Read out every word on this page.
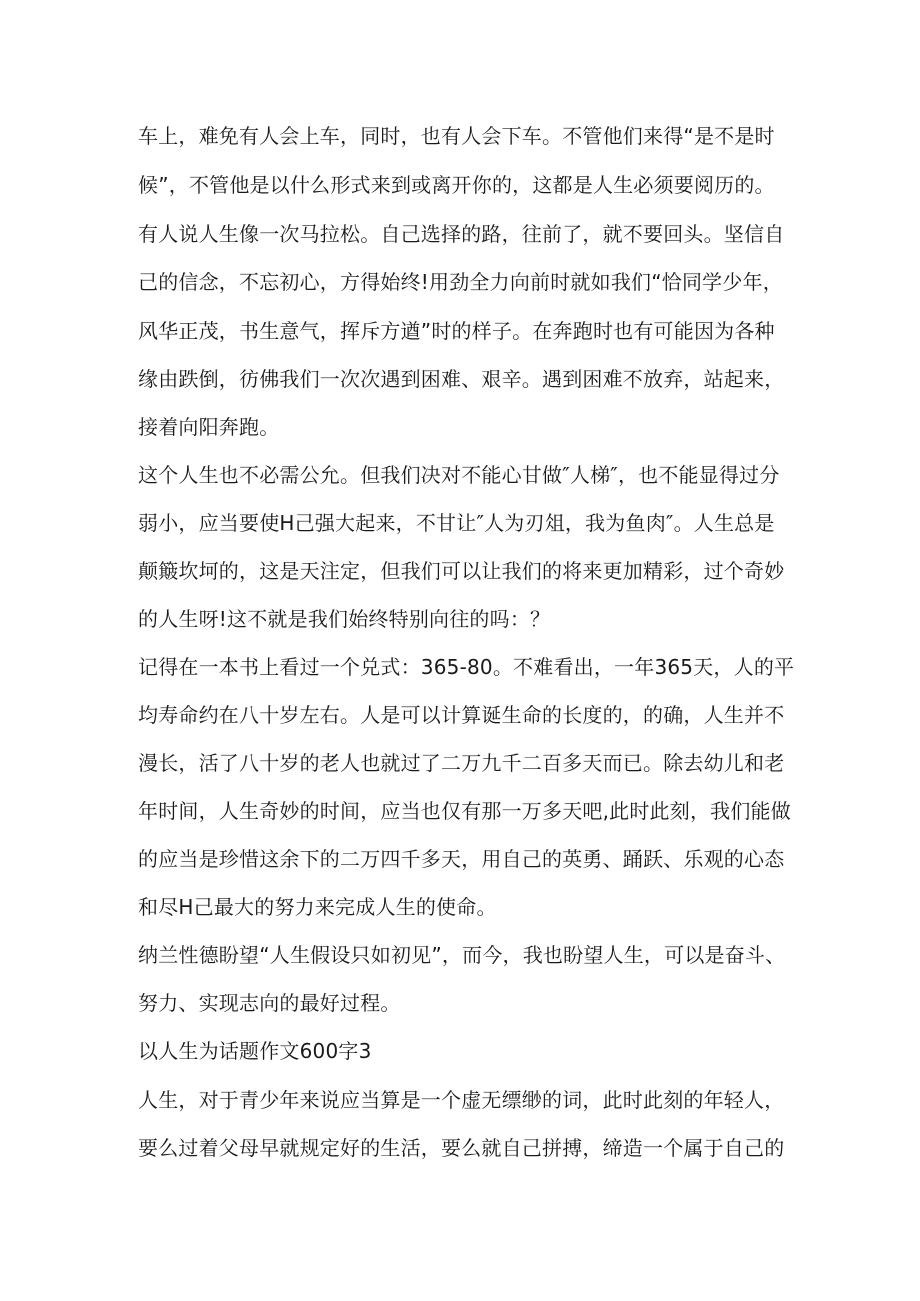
车上，难免有人会上车，同时，也有人会下车。不管他们来得“是不是时
候”，不管他是以什么形式来到或离开你的，这都是人生必须要阅历的。
有人说人生像一次马拉松。自己选择的路，往前了，就不要回头。坚信自
己的信念，不忘初心，方得始终!用劲全力向前时就如我们“恰同学少年，
风华正茂，书生意气，挥斥方遒”时的样子。在奔跑时也有可能因为各种
缘由跌倒，彷佛我们一次次遇到困难、艰辛。遇到困难不放弃，站起来，
接着向阳奔跑。
这个人生也不必需公允。但我们决对不能心甘做″人梯″，也不能显得过分
弱小，应当要使H己强大起来，不甘让″人为刃俎，我为鱼肉″。人生总是
颠簸坎坷的，这是天注定，但我们可以让我们的将来更加精彩，过个奇妙
的人生呀!这不就是我们始终特别向往的吗：？
记得在一本书上看过一个兑式：365-80。不难看出，一年365天，人的平
均寿命约在八十岁左右。人是可以计算诞生命的长度的，的确，人生并不
漫长，活了八十岁的老人也就过了二万九千二百多天而已。除去幼儿和老
年时间，人生奇妙的时间，应当也仅有那一万多天吧,此时此刻，我们能做
的应当是珍惜这余下的二万四千多天，用自己的英勇、踊跃、乐观的心态
和尽H己最大的努力来完成人生的使命。
纳兰性德盼望“人生假设只如初见”，而今，我也盼望人生，可以是奋斗、
努力、实现志向的最好过程。
以人生为话题作文600字3
人生，对于青少年来说应当算是一个虚无缥缈的词，此时此刻的年轻人，
要么过着父母早就规定好的生活，要么就自己拼搏，缔造一个属于自己的
